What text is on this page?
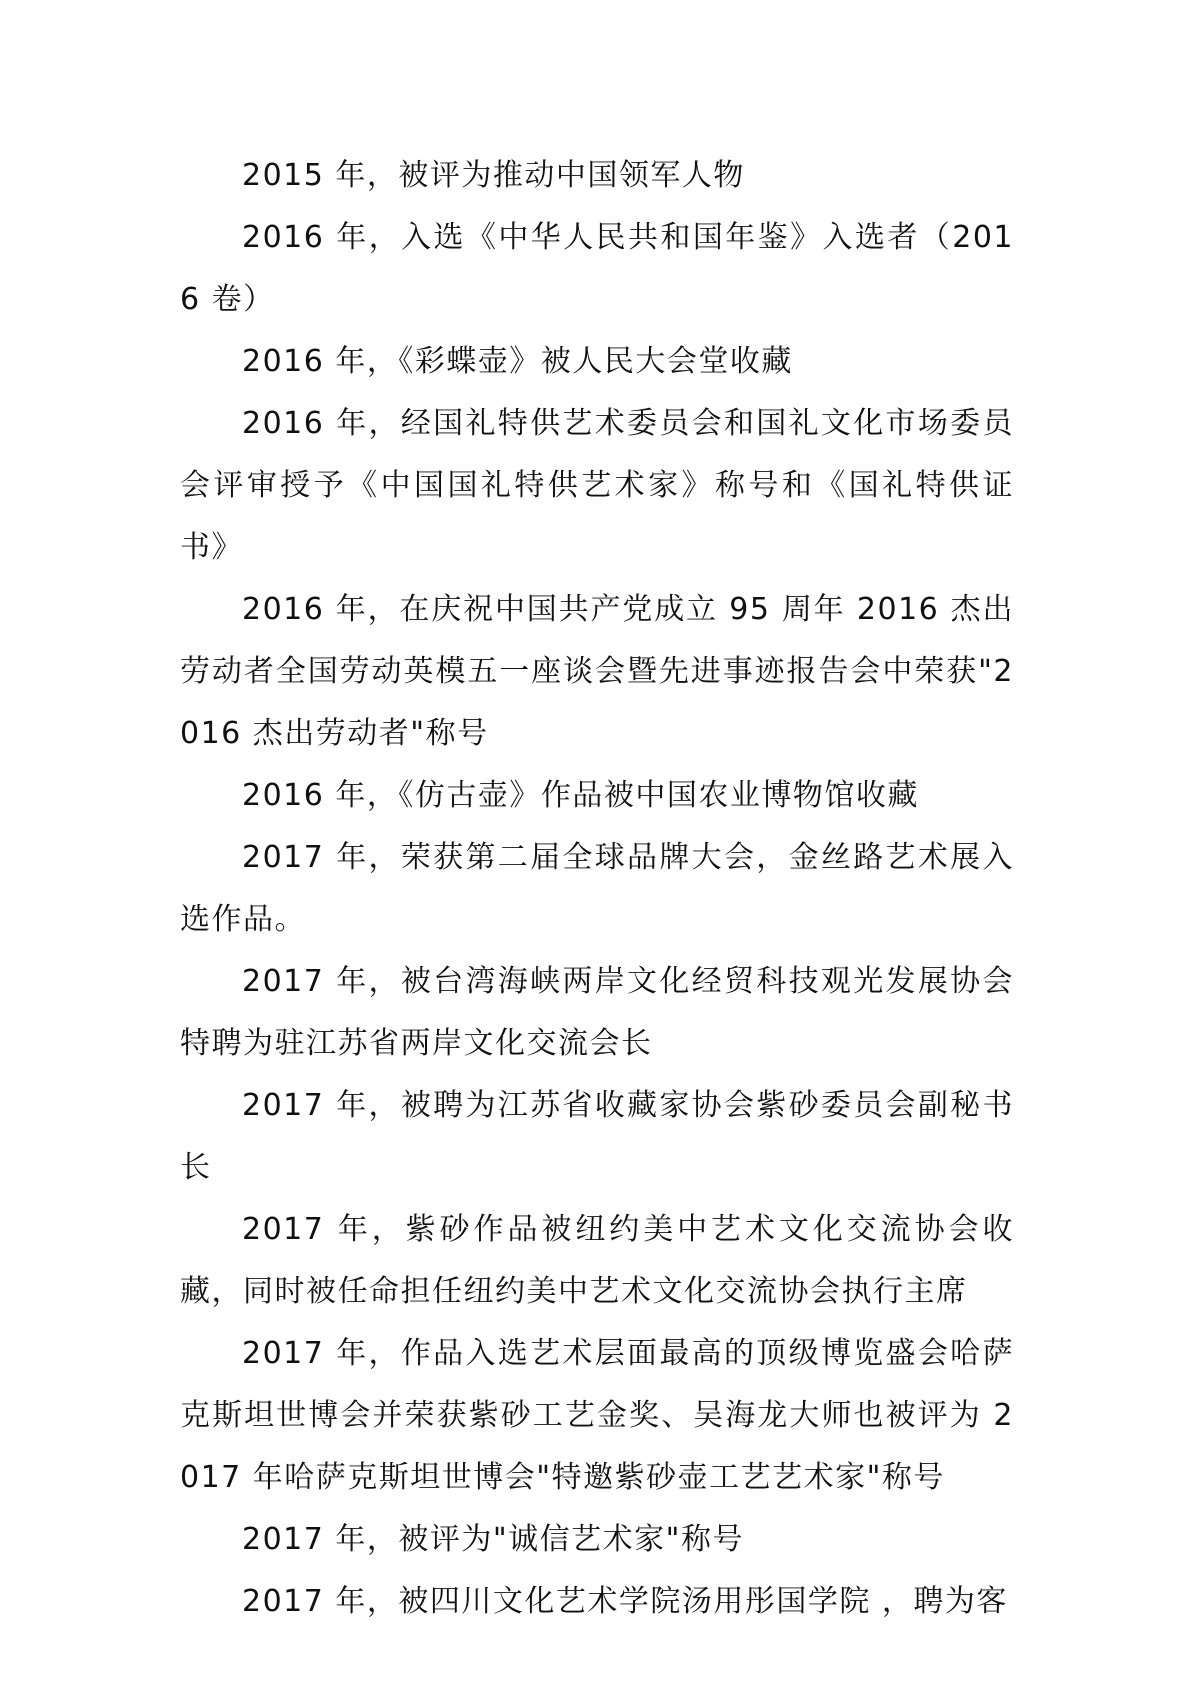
2015 年，被评为推动中国领军人物

2016 年，入选《中华人民共和国年鉴》入选者（2016 卷）

2016 年，《彩蝶壶》被人民大会堂收藏

2016 年，经国礼特供艺术委员会和国礼文化市场委员会评审授予《中国国礼特供艺术家》称号和《国礼特供证书》

2016 年，在庆祝中国共产党成立 95 周年 2016 杰出劳动者全国劳动英模五一座谈会暨先进事迹报告会中荣获"2016 杰出劳动者"称号

2016 年，《仿古壶》作品被中国农业博物馆收藏

2017 年，荣获第二届全球品牌大会，金丝路艺术展入选作品。

2017 年，被台湾海峡两岸文化经贸科技观光发展协会特聘为驻江苏省两岸文化交流会长

2017 年，被聘为江苏省收藏家协会紫砂委员会副秘书长

2017 年，紫砂作品被纽约美中艺术文化交流协会收藏，同时被任命担任纽约美中艺术文化交流协会执行主席

2017 年，作品入选艺术层面最高的顶级博览盛会哈萨克斯坦世博会并荣获紫砂工艺金奖、吴海龙大师也被评为 2017 年哈萨克斯坦世博会"特邀紫砂壶工艺艺术家"称号

2017 年，被评为"诚信艺术家"称号

2017 年，被四川文化艺术学院汤用彤国学院 ，聘为客
